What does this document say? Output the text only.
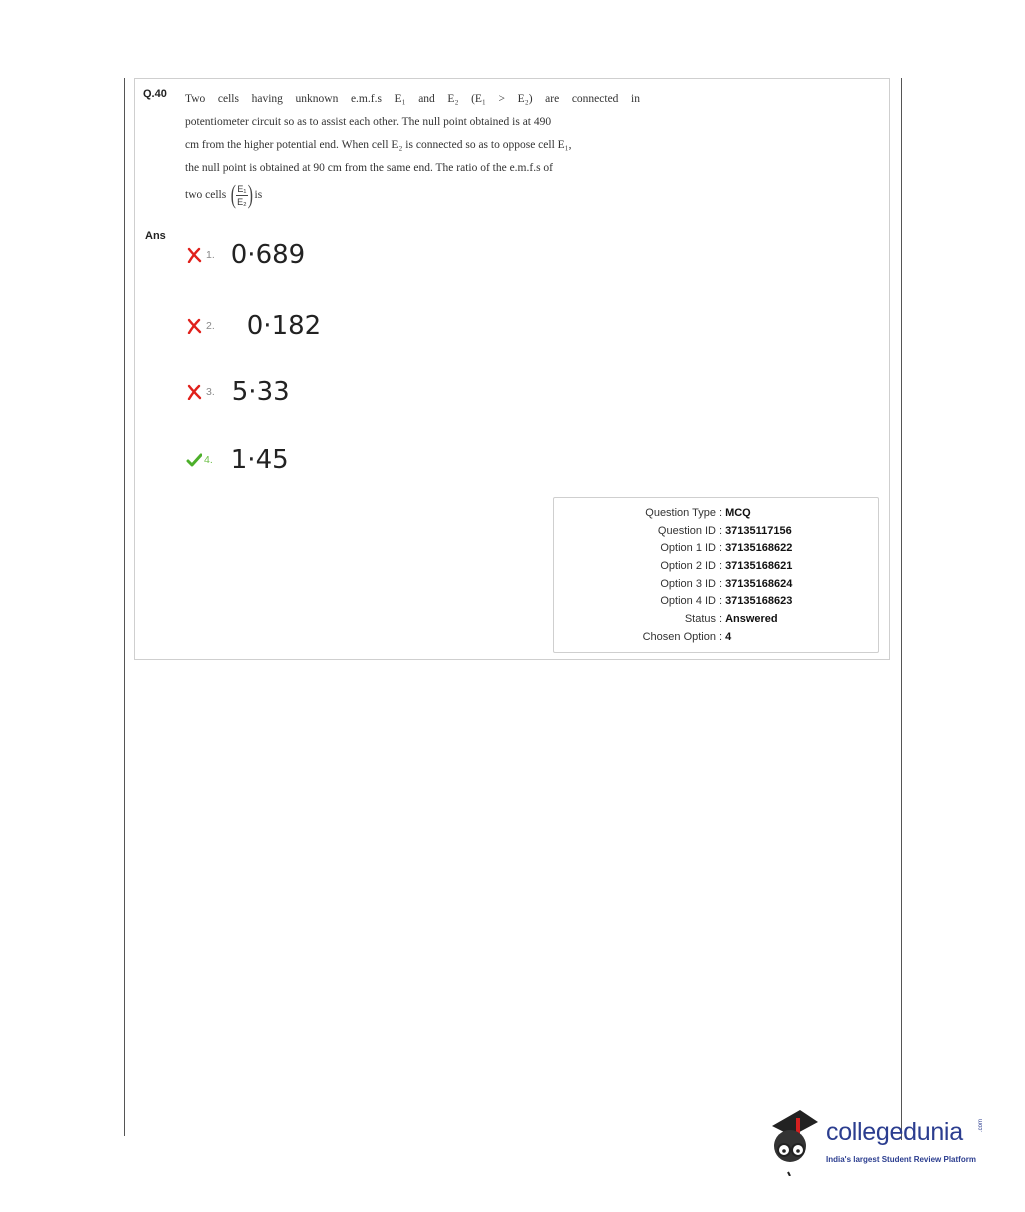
Q.40 Two cells having unknown e.m.f.s E₁ and E₂ (E₁ > E₂) are connected in
potentiometer circuit so as to assist each other. The null point obtained is at 490
cm from the higher potential end. When cell E₂ is connected so as to oppose cell E₁,
the null point is obtained at 90 cm from the same end. The ratio of the e.m.f.s of
two cells ( $\frac{\text{E₁}}{\text{E₂}}$ ) is
Ans
1. 0·689
2. 0·182
3. 5·33
4. 1·45
Question Type : MCQ
Question ID : 37135117156
Option 1 ID : 37135168622
Option 2 ID : 37135168621
Option 3 ID : 37135168624
Option 4 ID : 37135168623
Status : Answered
Chosen Option : 4
collegedunia	.com
India's largest Student Review Platform
